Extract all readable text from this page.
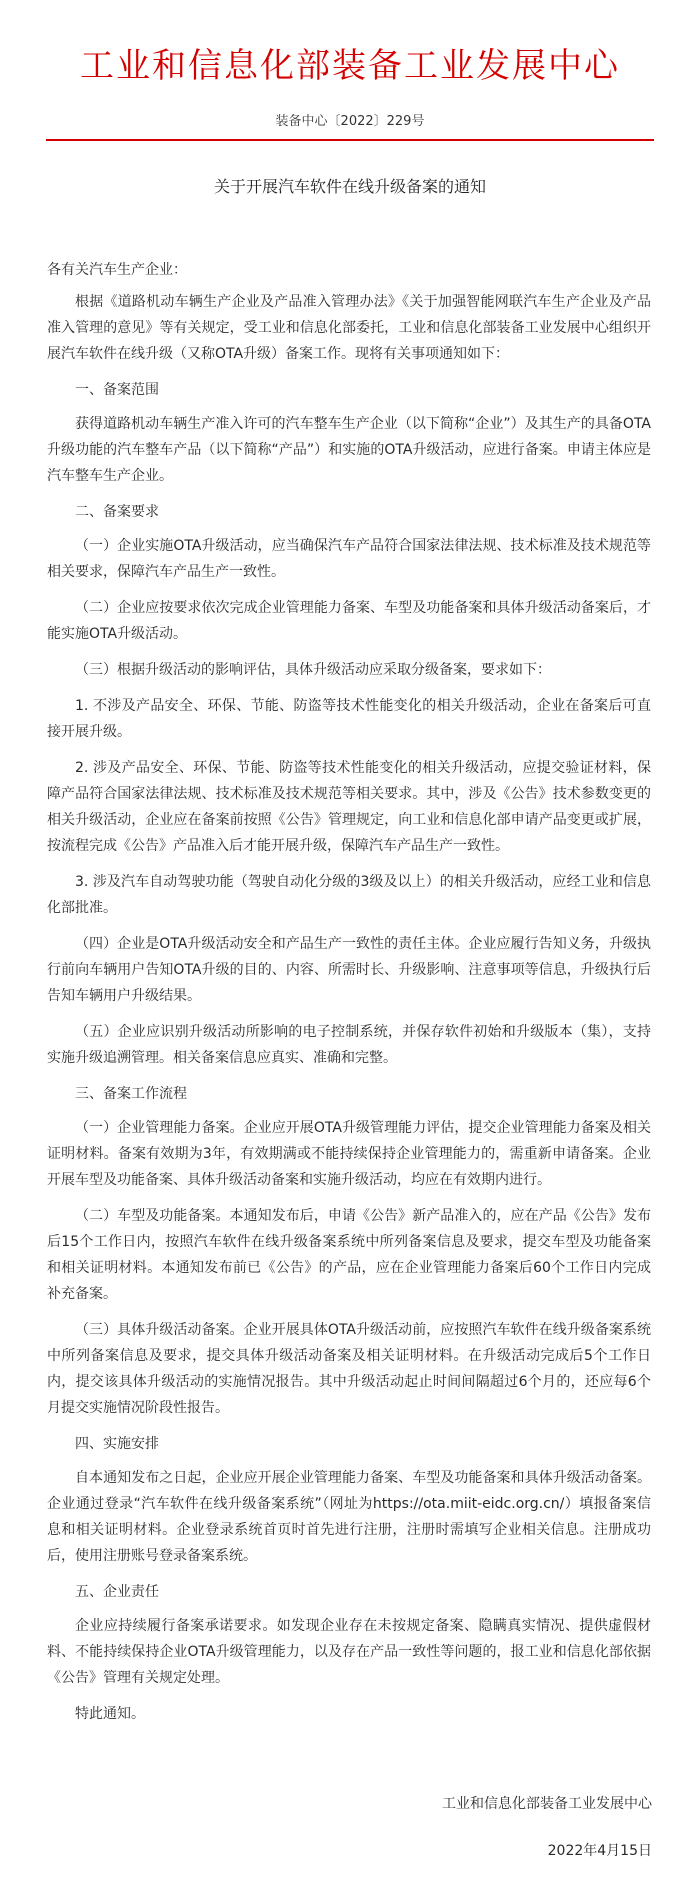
工业和信息化部装备工业发展中心
装备中心〔2022〕229号
关于开展汽车软件在线升级备案的通知

各有关汽车生产企业：

根据《道路机动车辆生产企业及产品准入管理办法》《关于加强智能网联汽车生产企业及产品准入管理的意见》等有关规定，受工业和信息化部委托，工业和信息化部装备工业发展中心组织开展汽车软件在线升级（又称OTA升级）备案工作。现将有关事项通知如下：

一、备案范围

获得道路机动车辆生产准入许可的汽车整车生产企业（以下简称“企业”）及其生产的具备OTA升级功能的汽车整车产品（以下简称“产品”）和实施的OTA升级活动，应进行备案。申请主体应是汽车整车生产企业。

二、备案要求

（一）企业实施OTA升级活动，应当确保汽车产品符合国家法律法规、技术标准及技术规范等相关要求，保障汽车产品生产一致性。

（二）企业应按要求依次完成企业管理能力备案、车型及功能备案和具体升级活动备案后，才能实施OTA升级活动。

（三）根据升级活动的影响评估，具体升级活动应采取分级备案，要求如下：

1. 不涉及产品安全、环保、节能、防盗等技术性能变化的相关升级活动，企业在备案后可直接开展升级。

2. 涉及产品安全、环保、节能、防盗等技术性能变化的相关升级活动，应提交验证材料，保障产品符合国家法律法规、技术标准及技术规范等相关要求。其中，涉及《公告》技术参数变更的相关升级活动，企业应在备案前按照《公告》管理规定，向工业和信息化部申请产品变更或扩展，按流程完成《公告》产品准入后才能开展升级，保障汽车产品生产一致性。

3. 涉及汽车自动驾驶功能（驾驶自动化分级的3级及以上）的相关升级活动，应经工业和信息化部批准。

（四）企业是OTA升级活动安全和产品生产一致性的责任主体。企业应履行告知义务，升级执行前向车辆用户告知OTA升级的目的、内容、所需时长、升级影响、注意事项等信息，升级执行后告知车辆用户升级结果。

（五）企业应识别升级活动所影响的电子控制系统，并保存软件初始和升级版本（集），支持实施升级追溯管理。相关备案信息应真实、准确和完整。

三、备案工作流程

（一）企业管理能力备案。企业应开展OTA升级管理能力评估，提交企业管理能力备案及相关证明材料。备案有效期为3年，有效期满或不能持续保持企业管理能力的，需重新申请备案。企业开展车型及功能备案、具体升级活动备案和实施升级活动，均应在有效期内进行。

（二）车型及功能备案。本通知发布后，申请《公告》新产品准入的，应在产品《公告》发布后15个工作日内，按照汽车软件在线升级备案系统中所列备案信息及要求，提交车型及功能备案和相关证明材料。本通知发布前已《公告》的产品，应在企业管理能力备案后60个工作日内完成补充备案。

（三）具体升级活动备案。企业开展具体OTA升级活动前，应按照汽车软件在线升级备案系统中所列备案信息及要求，提交具体升级活动备案及相关证明材料。在升级活动完成后5个工作日内，提交该具体升级活动的实施情况报告。其中升级活动起止时间间隔超过6个月的，还应每6个月提交实施情况阶段性报告。

四、实施安排

自本通知发布之日起，企业应开展企业管理能力备案、车型及功能备案和具体升级活动备案。企业通过登录“汽车软件在线升级备案系统”（网址为https://ota.miit-eidc.org.cn/）填报备案信息和相关证明材料。企业登录系统首页时首先进行注册，注册时需填写企业相关信息。注册成功后，使用注册账号登录备案系统。

五、企业责任

企业应持续履行备案承诺要求。如发现企业存在未按规定备案、隐瞒真实情况、提供虚假材料、不能持续保持企业OTA升级管理能力，以及存在产品一致性等问题的，报工业和信息化部依据《公告》管理有关规定处理。

特此通知。

工业和信息化部装备工业发展中心
2022年4月15日
